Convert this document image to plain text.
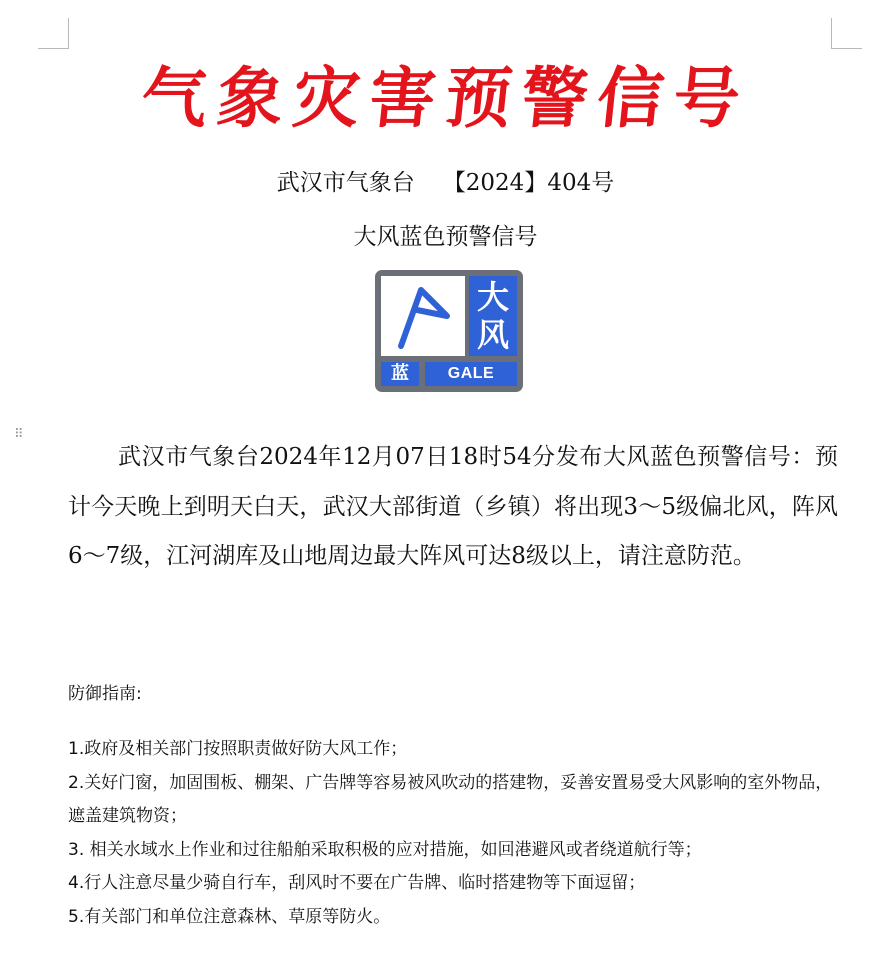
气象灾害预警信号
武汉市气象台 【2024】404号
大风蓝色预警信号
大
风
蓝	GALE
⠿

武汉市气象台2024年12月07日18时54分发布大风蓝色预警信号：预计今天晚上到明天白天，武汉大部街道（乡镇）将出现3～5级偏北风，阵风6～7级，江河湖库及山地周边最大阵风可达8级以上，请注意防范。

防御指南:
1.政府及相关部门按照职责做好防大风工作；
2.关好门窗，加固围板、棚架、广告牌等容易被风吹动的搭建物，妥善安置易受大风影响的室外物品，遮盖建筑物资；
3. 相关水域水上作业和过往船舶采取积极的应对措施，如回港避风或者绕道航行等；
4.行人注意尽量少骑自行车，刮风时不要在广告牌、临时搭建物等下面逗留；
5.有关部门和单位注意森林、草原等防火。
